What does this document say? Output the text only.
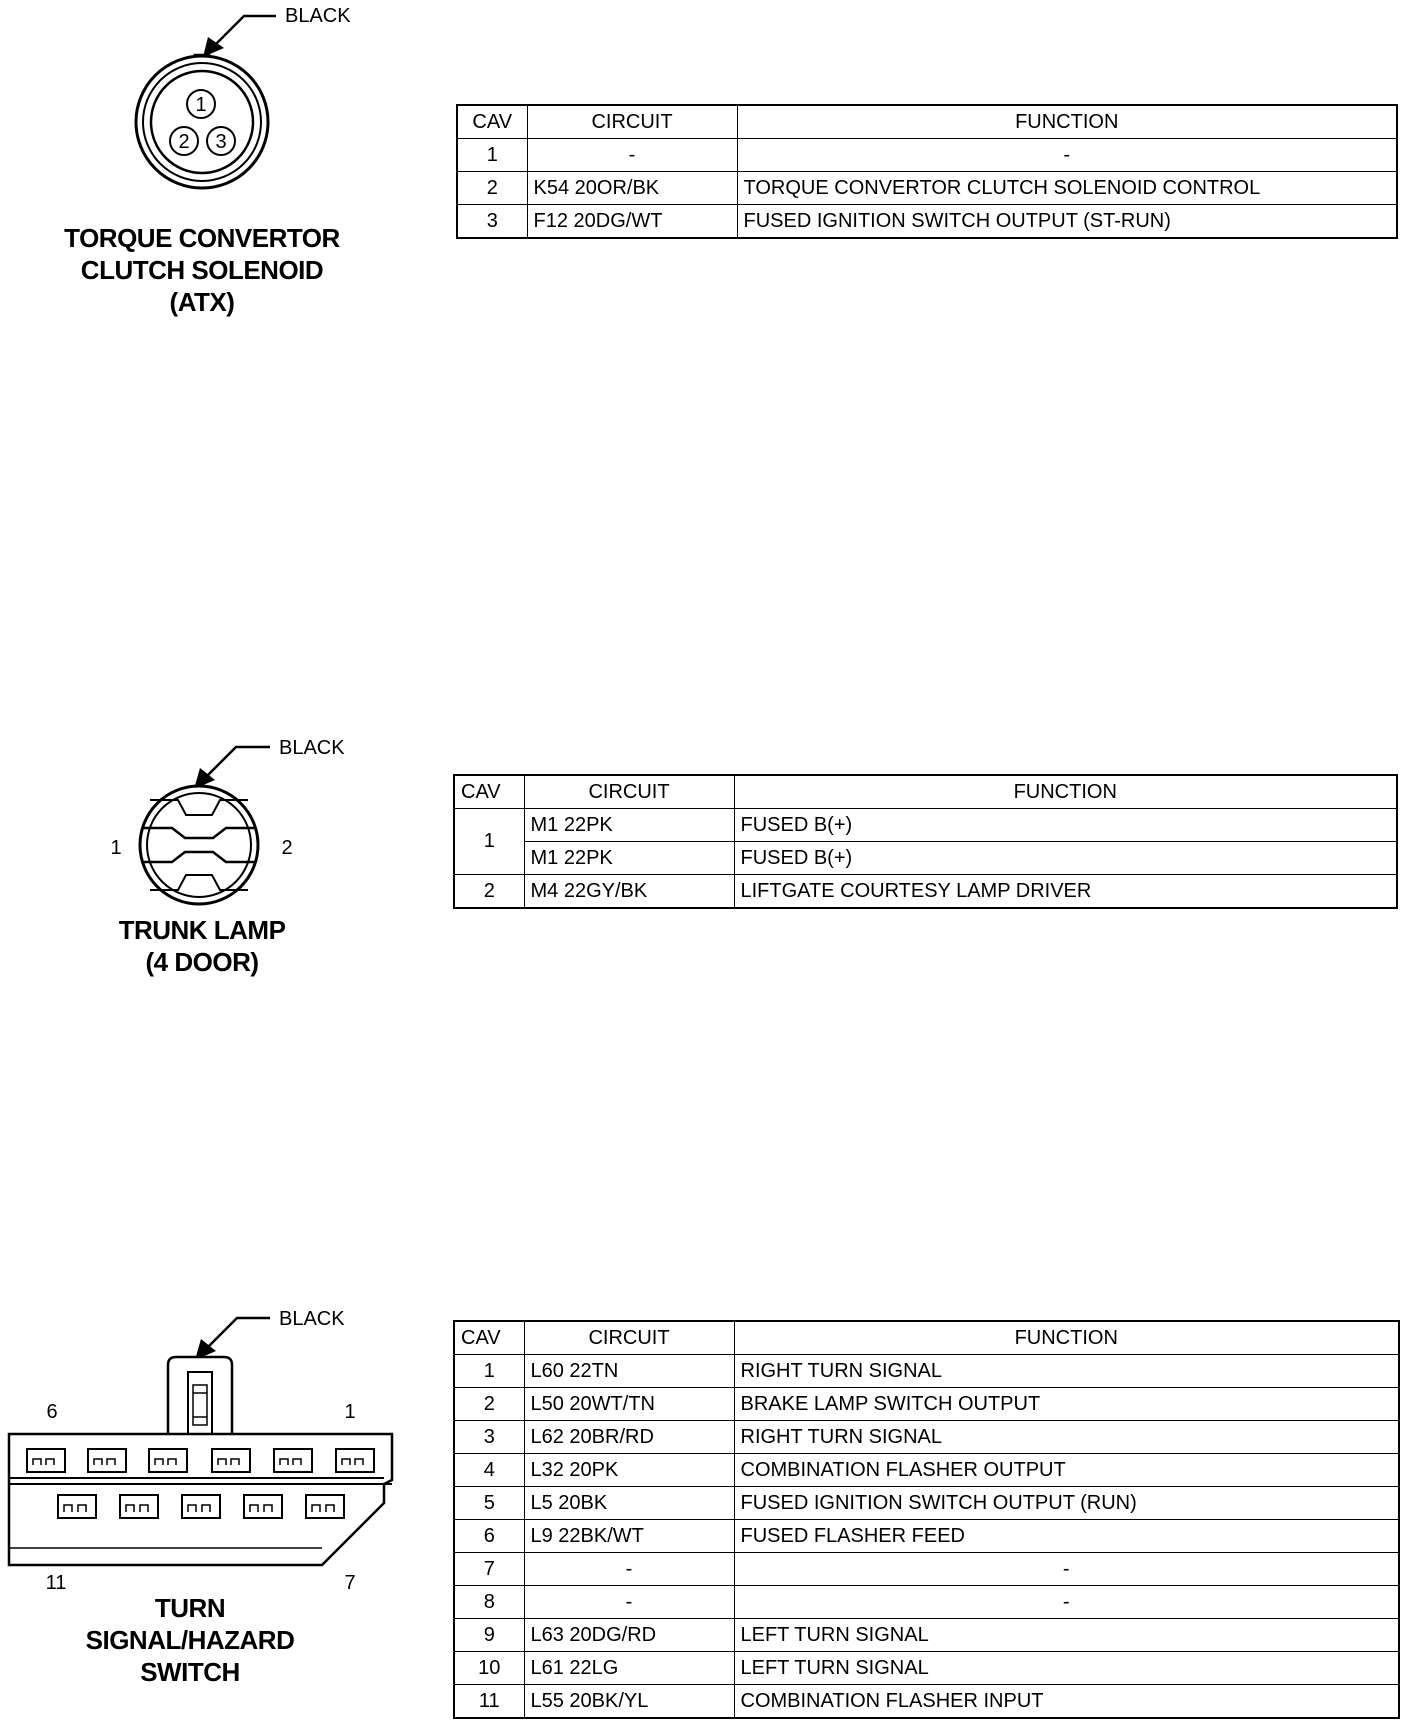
BLACK
1
2 3
TORQUE CONVERTOR
CLUTCH SOLENOID
(ATX)
CAV	CIRCUIT	FUNCTION
1	-	-
2	K54 20OR/BK	TORQUE CONVERTOR CLUTCH SOLENOID CONTROL
3	F12 20DG/WT	FUSED IGNITION SWITCH OUTPUT (ST-RUN)
BLACK
1	2
TRUNK LAMP
(4 DOOR)
CAV	CIRCUIT	FUNCTION
1	M1 22PK	FUSED B(+)
	M1 22PK	FUSED B(+)
2	M4 22GY/BK	LIFTGATE COURTESY LAMP DRIVER
BLACK
6	1
11	7
TURN
SIGNAL/HAZARD
SWITCH
CAV	CIRCUIT	FUNCTION
1	L60 22TN	RIGHT TURN SIGNAL
2	L50 20WT/TN	BRAKE LAMP SWITCH OUTPUT
3	L62 20BR/RD	RIGHT TURN SIGNAL
4	L32 20PK	COMBINATION FLASHER OUTPUT
5	L5 20BK	FUSED IGNITION SWITCH OUTPUT (RUN)
6	L9 22BK/WT	FUSED FLASHER FEED
7	-	-
8	-	-
9	L63 20DG/RD	LEFT TURN SIGNAL
10	L61 22LG	LEFT TURN SIGNAL
11	L55 20BK/YL	COMBINATION FLASHER INPUT
